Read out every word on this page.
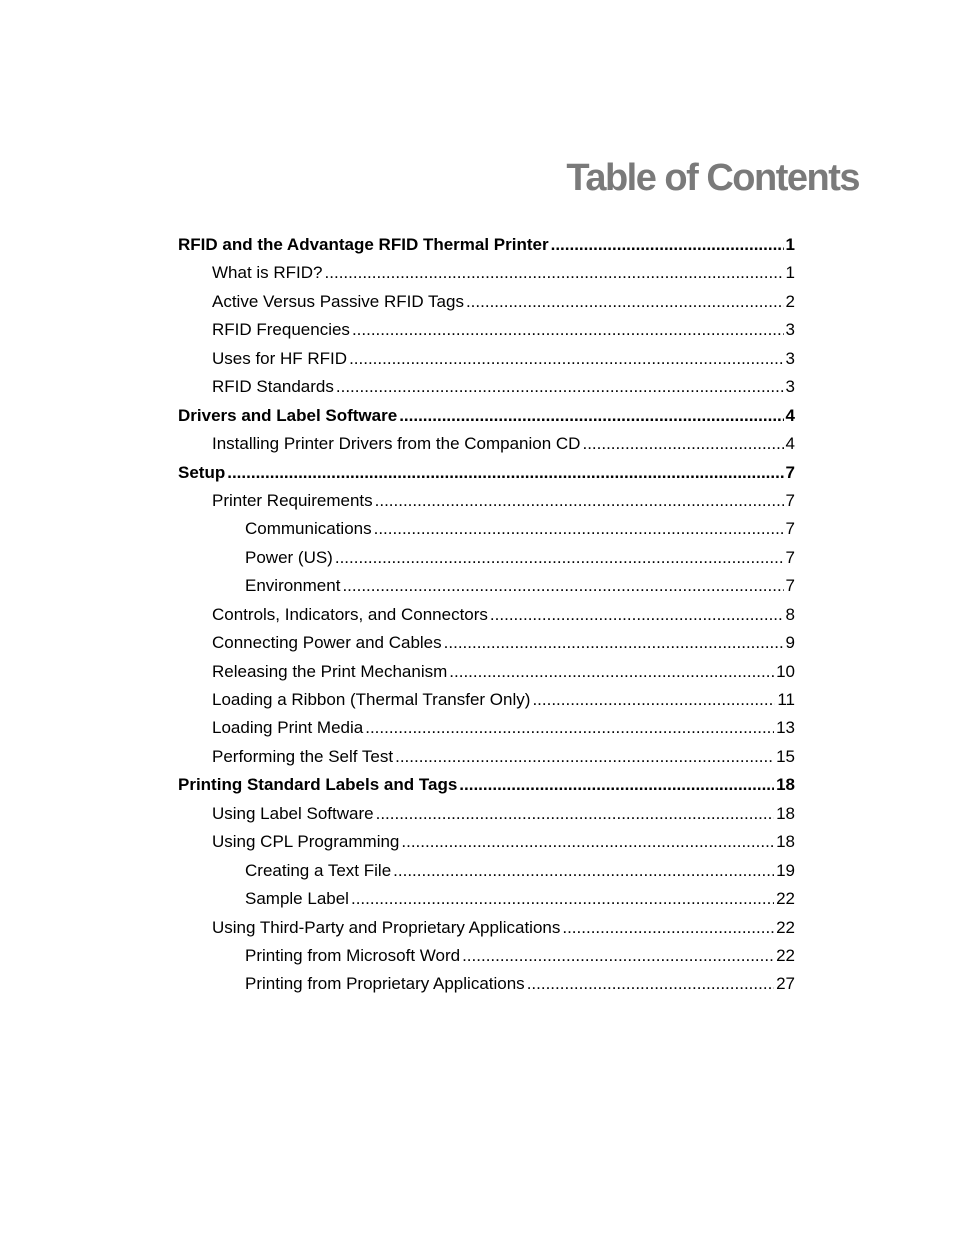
Table of Contents
RFID and the Advantage RFID Thermal Printer .....	1
What is RFID? .....	1
Active Versus Passive RFID Tags .....	2
RFID Frequencies .....	3
Uses for HF RFID .....	3
RFID Standards .....	3
Drivers and Label Software .....	4
Installing Printer Drivers from the Companion CD .....	4
Setup .....	7
Printer Requirements .....	7
Communications .....	7
Power (US) .....	7
Environment .....	7
Controls, Indicators, and Connectors .....	8
Connecting Power and Cables .....	9
Releasing the Print Mechanism .....	10
Loading a Ribbon (Thermal Transfer Only) .....	11
Loading Print Media .....	13
Performing the Self Test .....	15
Printing Standard Labels and Tags .....	18
Using Label Software .....	18
Using CPL Programming .....	18
Creating a Text File .....	19
Sample Label .....	22
Using Third-Party and Proprietary Applications .....	22
Printing from Microsoft Word .....	22
Printing from Proprietary Applications .....	27
